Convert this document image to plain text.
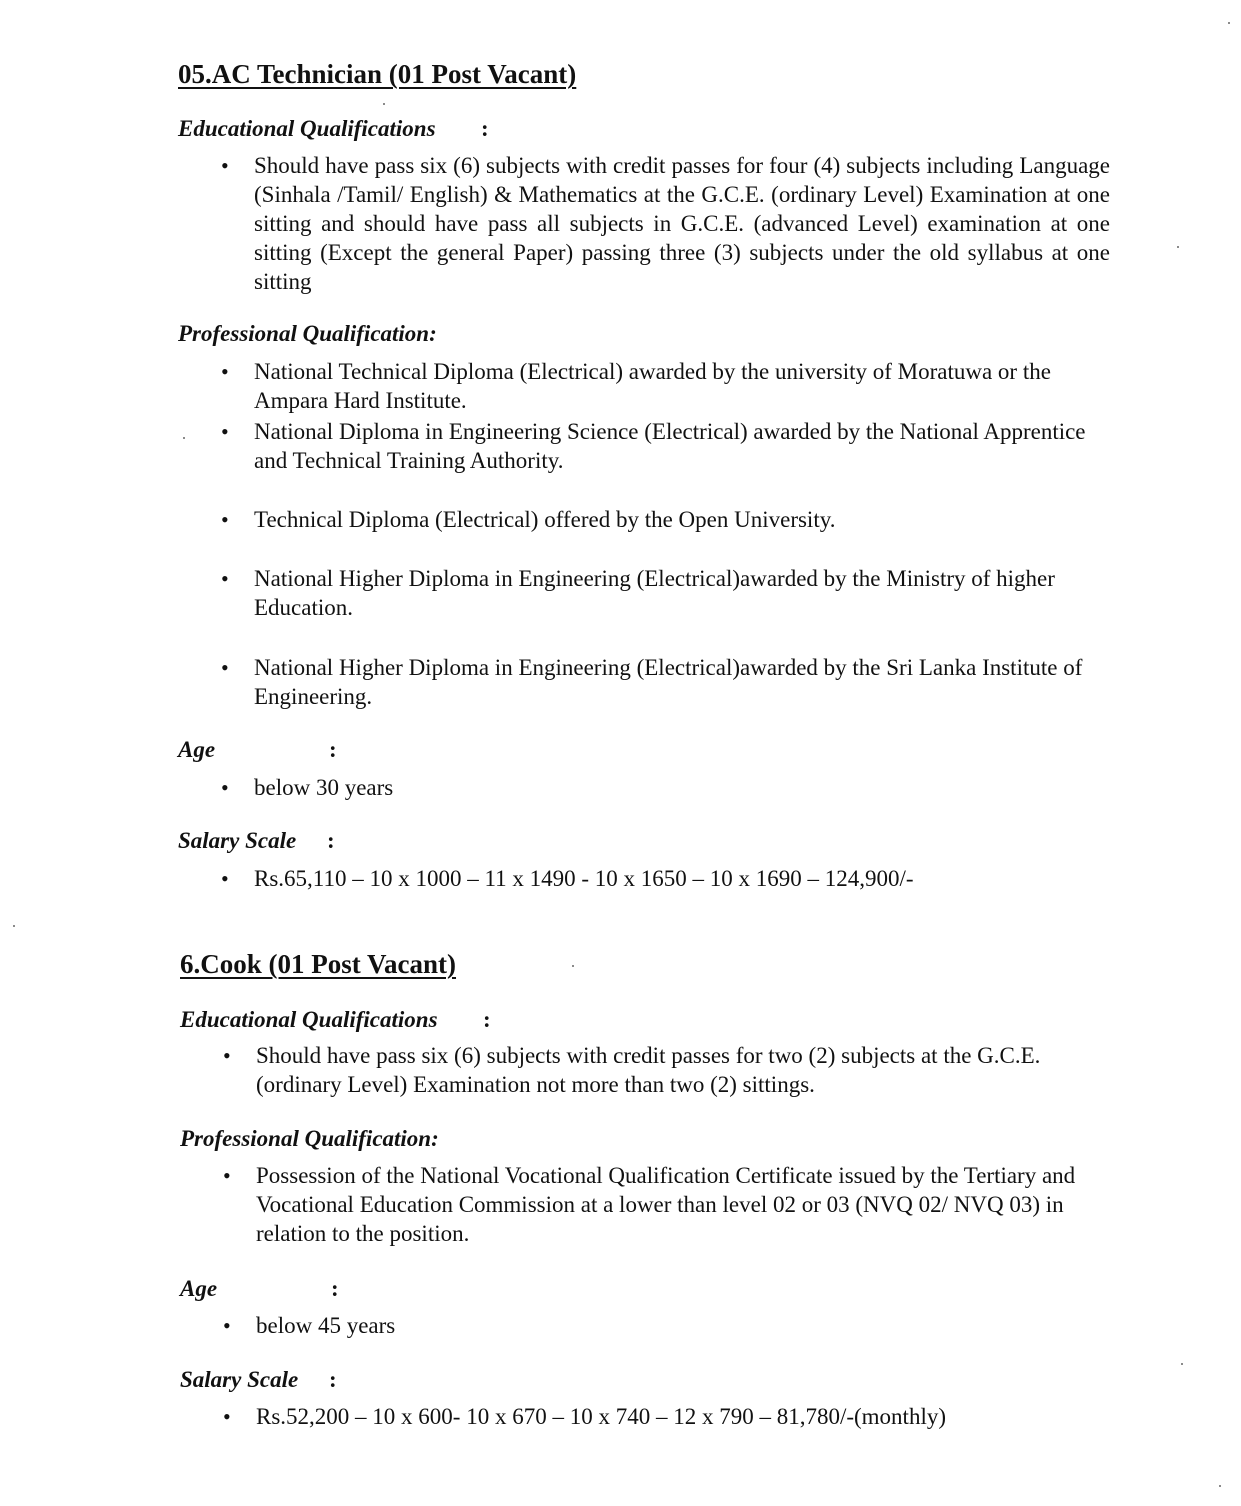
05.AC Technician (01 Post Vacant)
Educational Qualifications :
• Should have pass six (6) subjects with credit passes for four (4) subjects including Language (Sinhala /Tamil/ English) & Mathematics at the G.C.E. (ordinary Level) Examination at one sitting and should have pass all subjects in G.C.E. (advanced Level) examination at one sitting (Except the general Paper) passing three (3) subjects under the old syllabus at one sitting
Professional Qualification:
• National Technical Diploma (Electrical) awarded by the university of Moratuwa or the Ampara Hard Institute.
• National Diploma in Engineering Science (Electrical) awarded by the National Apprentice and Technical Training Authority.
• Technical Diploma (Electrical) offered by the Open University.
• National Higher Diploma in Engineering (Electrical)awarded by the Ministry of higher Education.
• National Higher Diploma in Engineering (Electrical)awarded by the Sri Lanka Institute of Engineering.
Age	:
• below 30 years
Salary Scale :
• Rs.65,110 – 10 x 1000 – 11 x 1490 - 10 x 1650 – 10 x 1690 – 124,900/-
6.Cook (01 Post Vacant)
Educational Qualifications :
• Should have pass six (6) subjects with credit passes for two (2) subjects at the G.C.E. (ordinary Level) Examination not more than two (2) sittings.
Professional Qualification:
• Possession of the National Vocational Qualification Certificate issued by the Tertiary and Vocational Education Commission at a lower than level 02 or 03 (NVQ 02/ NVQ 03) in relation to the position.
Age	:
• below 45 years
Salary Scale :
• Rs.52,200 – 10 x 600- 10 x 670 – 10 x 740 – 12 x 790 – 81,780/-(monthly)
